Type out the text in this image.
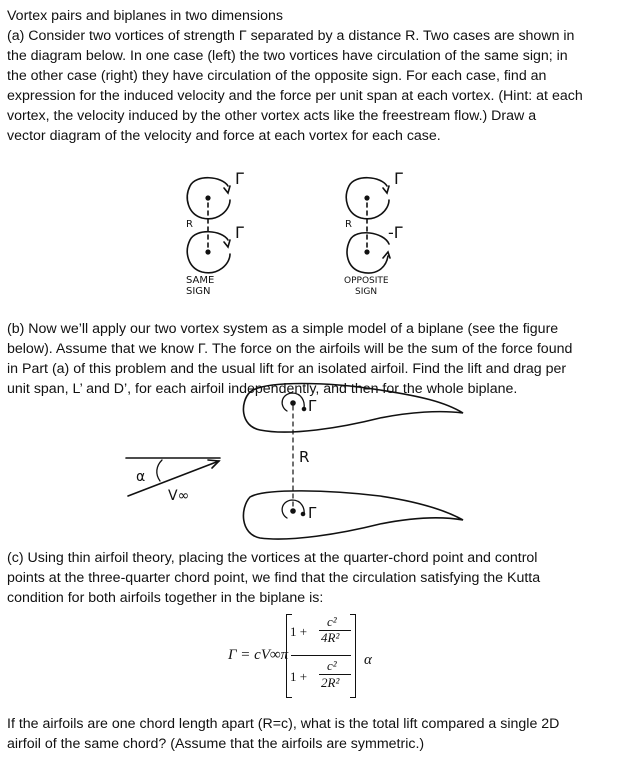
Vortex pairs and biplanes in two dimensions
(a) Consider two vortices of strength Γ separated by a distance R. Two cases are shown in
the diagram below. In one case (left) the two vortices have circulation of the same sign; in
the other case (right) they have circulation of the opposite sign. For each case, find an
expression for the induced velocity and the force per unit span at each vortex. (Hint: at each
vortex, the velocity induced by the other vortex acts like the freestream flow.) Draw a
vector diagram of the velocity and force at each vortex for each case.
Γ
Γ
R
SAME
SIGN
Γ
-Γ
R
OPPOSITE
SIGN
Γ
Γ
R
α
V∞
(b) Now we’ll apply our two vortex system as a simple model of a biplane (see the figure
below). Assume that we know Γ. The force on the airfoils will be the sum of the force found
in Part (a) of this problem and the usual lift for an isolated airfoil. Find the lift and drag per
unit span, L’ and D’, for each airfoil independently, and then for the whole biplane.
(c) Using thin airfoil theory, placing the vortices at the quarter-chord point and control
points at the three-quarter chord point, we find that the circulation satisfying the Kutta
condition for both airfoils together in the biplane is:
Γ = cV∞π
1 +
c²
4R²
1 +
c²
2R²
α
If the airfoils are one chord length apart (R=c), what is the total lift compared a single 2D
airfoil of the same chord? (Assume that the airfoils are symmetric.)
